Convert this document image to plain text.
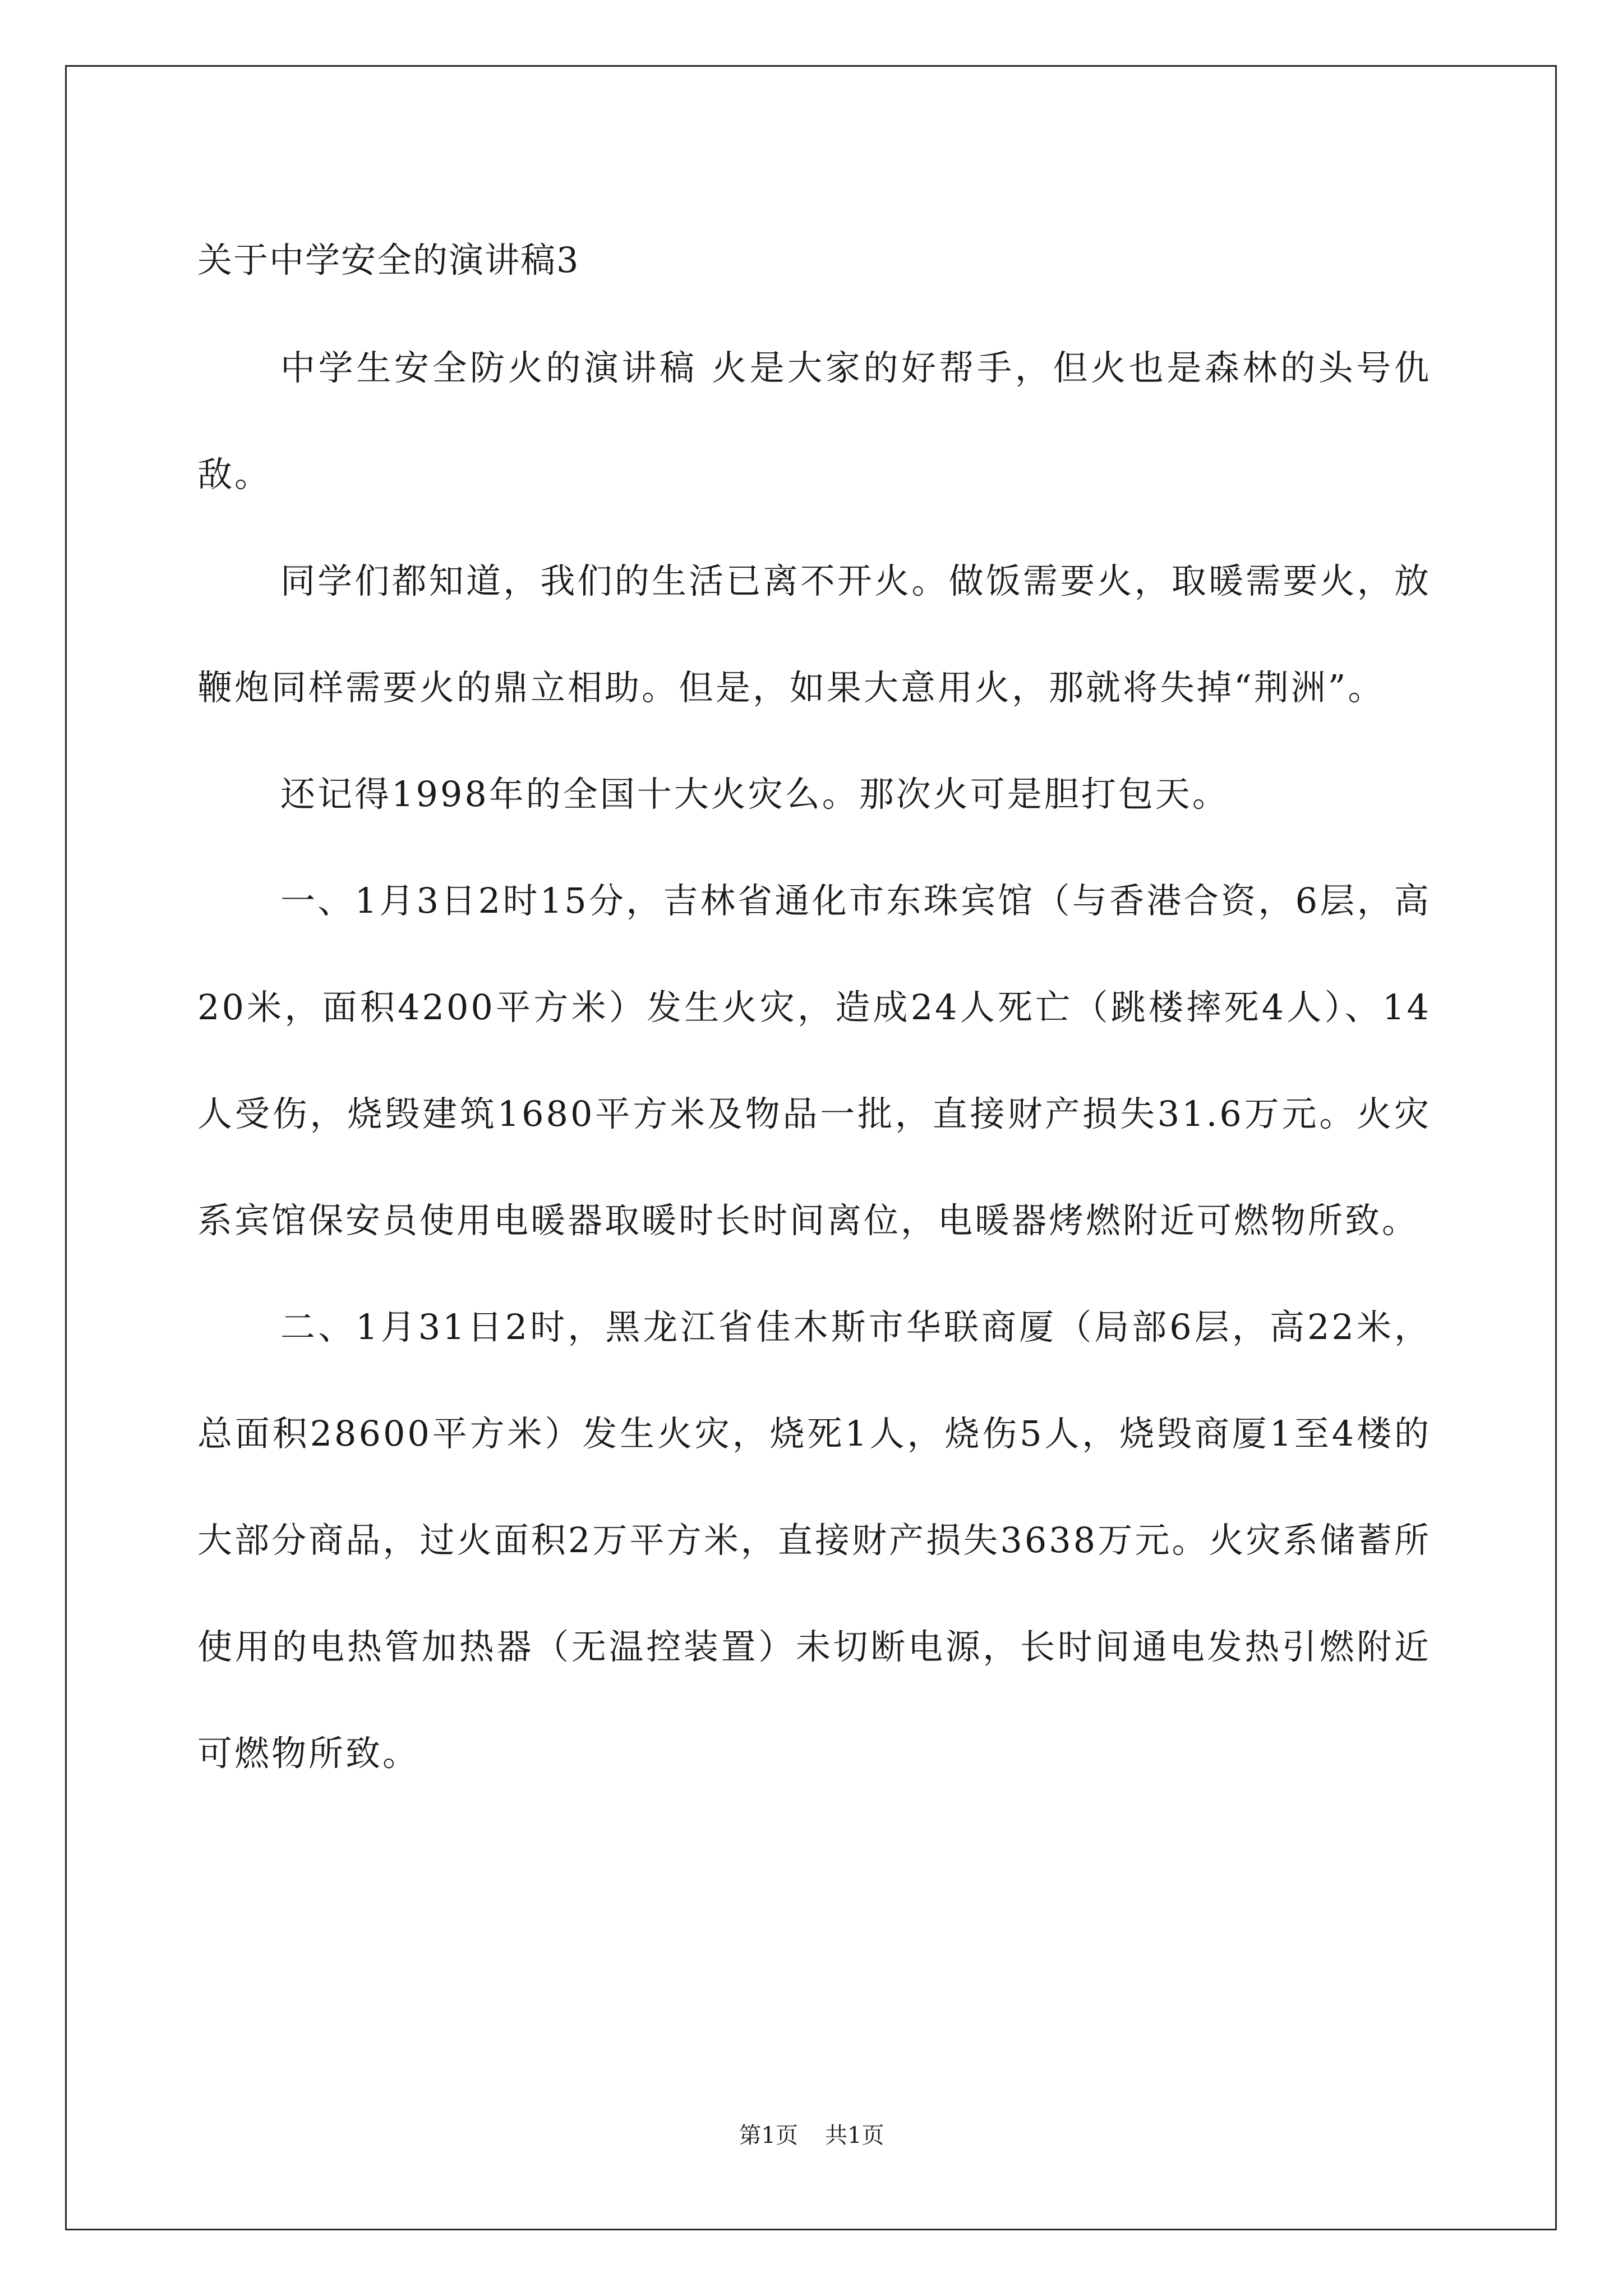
关于中学安全的演讲稿3

中学生安全防火的演讲稿 火是大家的好帮手，但火也是森林的头号仇敌。

同学们都知道，我们的生活已离不开火。做饭需要火，取暖需要火，放鞭炮同样需要火的鼎立相助。但是，如果大意用火，那就将失掉“荆洲”。

还记得1998年的全国十大火灾么。那次火可是胆打包天。

一、1月3日2时15分，吉林省通化市东珠宾馆（与香港合资，6层，高20米，面积4200平方米）发生火灾，造成24人死亡（跳楼摔死4人）、14人受伤，烧毁建筑1680平方米及物品一批，直接财产损失31.6万元。火灾系宾馆保安员使用电暖器取暖时长时间离位，电暖器烤燃附近可燃物所致。

二、1月31日2时，黑龙江省佳木斯市华联商厦（局部6层，高22米，总面积28600平方米）发生火灾，烧死1人，烧伤5人，烧毁商厦1至4楼的大部分商品，过火面积2万平方米，直接财产损失3638万元。火灾系储蓄所使用的电热管加热器（无温控装置）未切断电源，长时间通电发热引燃附近可燃物所致。

第1页 共1页
